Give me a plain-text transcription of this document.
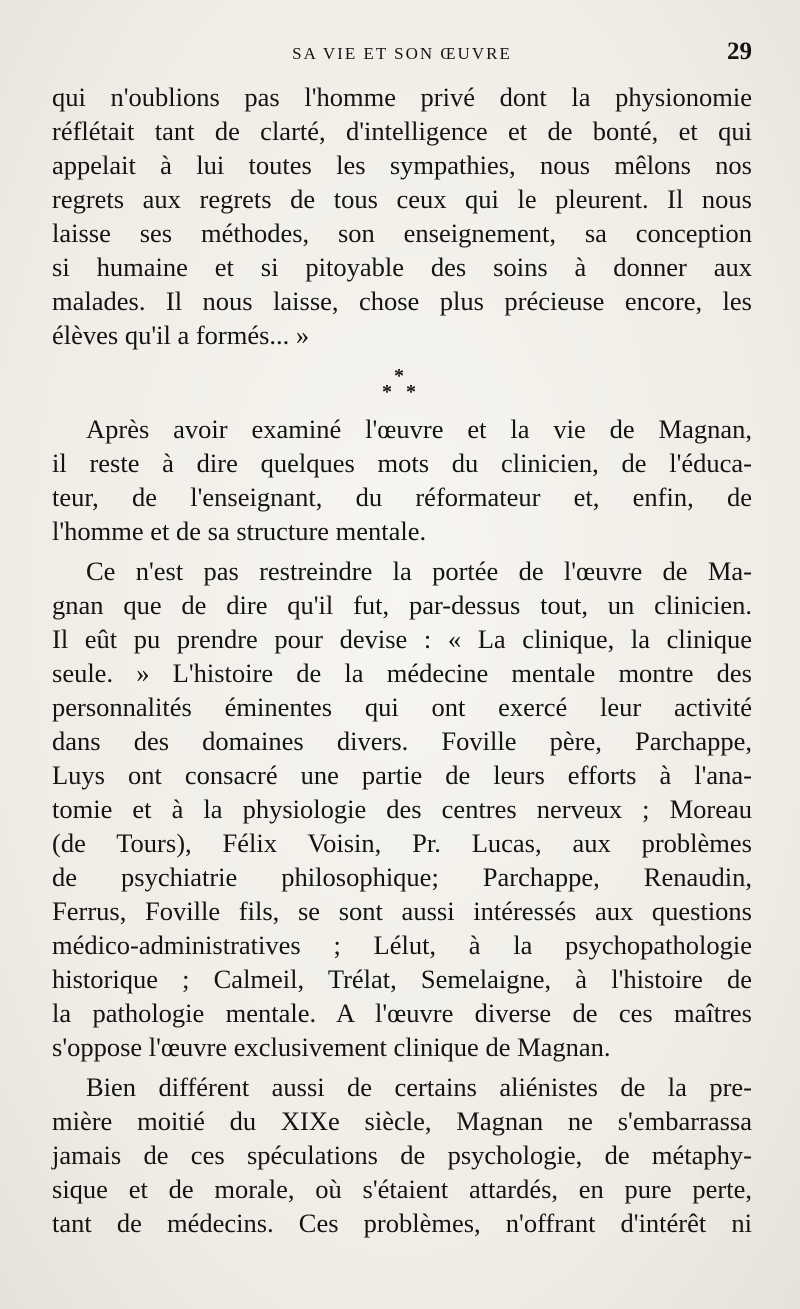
SA VIE ET SON ŒUVRE	29
qui n'oublions pas l'homme privé dont la physionomie
réflétait tant de clarté, d'intelligence et de bonté, et qui
appelait à lui toutes les sympathies, nous mêlons nos
regrets aux regrets de tous ceux qui le pleurent. Il nous
laisse ses méthodes, son enseignement, sa conception
si humaine et si pitoyable des soins à donner aux
malades. Il nous laisse, chose plus précieuse encore, les
élèves qu'il a formés... »
*
* *
Après avoir examiné l'œuvre et la vie de Magnan,
il reste à dire quelques mots du clinicien, de l'éduca-
teur, de l'enseignant, du réformateur et, enfin, de
l'homme et de sa structure mentale.
Ce n'est pas restreindre la portée de l'œuvre de Ma-
gnan que de dire qu'il fut, par-dessus tout, un clinicien.
Il eût pu prendre pour devise : « La clinique, la clinique
seule. » L'histoire de la médecine mentale montre des
personnalités éminentes qui ont exercé leur activité
dans des domaines divers. Foville père, Parchappe,
Luys ont consacré une partie de leurs efforts à l'ana-
tomie et à la physiologie des centres nerveux ; Moreau
(de Tours), Félix Voisin, Pr. Lucas, aux problèmes
de psychiatrie philosophique; Parchappe, Renaudin,
Ferrus, Foville fils, se sont aussi intéressés aux questions
médico-administratives ; Lélut, à la psychopathologie
historique ; Calmeil, Trélat, Semelaigne, à l'histoire de
la pathologie mentale. A l'œuvre diverse de ces maîtres
s'oppose l'œuvre exclusivement clinique de Magnan.
Bien différent aussi de certains aliénistes de la pre-
mière moitié du XIXe siècle, Magnan ne s'embarrassa
jamais de ces spéculations de psychologie, de métaphy-
sique et de morale, où s'étaient attardés, en pure perte,
tant de médecins. Ces problèmes, n'offrant d'intérêt ni
